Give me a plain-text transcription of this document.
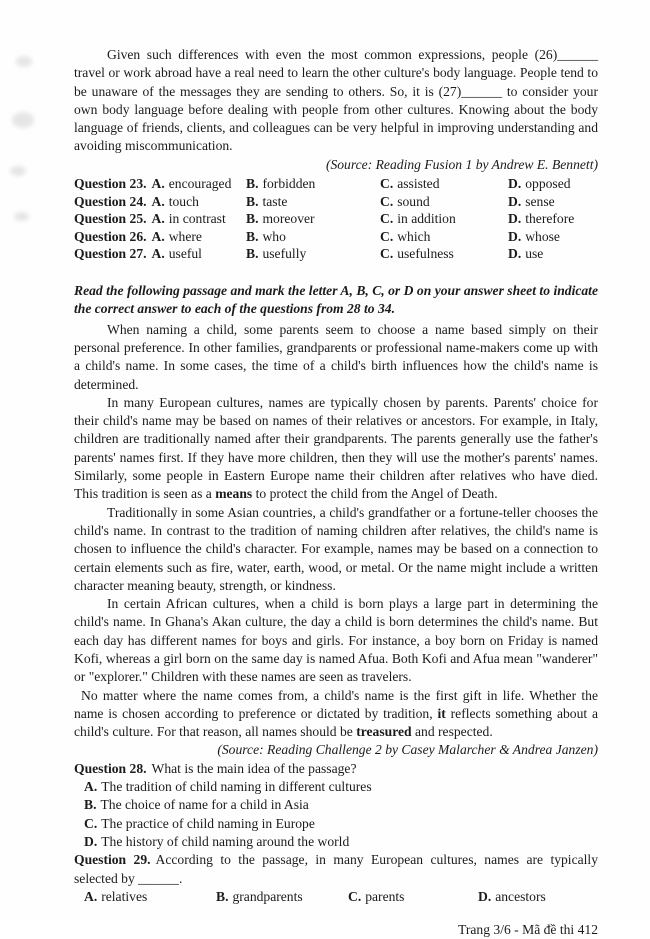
Given such differences with even the most common expressions, people (26)______ travel or work abroad have a real need to learn the other culture's body language. People tend to be unaware of the messages they are sending to others. So, it is (27)______ to consider your own body language before dealing with people from other cultures. Knowing about the body language of friends, clients, and colleagues can be very helpful in improving understanding and avoiding miscommunication.

(Source: Reading Fusion 1 by Andrew E. Bennett)

Question 23. A. encouraged	B. forbidden	C. assisted	D. opposed
Question 24. A. touch	B. taste	C. sound	D. sense
Question 25. A. in contrast	B. moreover	C. in addition	D. therefore
Question 26. A. where	B. who	C. which	D. whose
Question 27. A. useful	B. usefully	C. usefulness	D. use

Read the following passage and mark the letter A, B, C, or D on your answer sheet to indicate the correct answer to each of the questions from 28 to 34.

When naming a child, some parents seem to choose a name based simply on their personal preference. In other families, grandparents or professional name-makers come up with a child's name. In some cases, the time of a child's birth influences how the child's name is determined.

In many European cultures, names are typically chosen by parents. Parents' choice for their child's name may be based on names of their relatives or ancestors. For example, in Italy, children are traditionally named after their grandparents. The parents generally use the father's parents' names first. If they have more children, then they will use the mother's parents' names. Similarly, some people in Eastern Europe name their children after relatives who have died. This tradition is seen as a means to protect the child from the Angel of Death.

Traditionally in some Asian countries, a child's grandfather or a fortune-teller chooses the child's name. In contrast to the tradition of naming children after relatives, the child's name is chosen to influence the child's character. For example, names may be based on a connection to certain elements such as fire, water, earth, wood, or metal. Or the name might include a written character meaning beauty, strength, or kindness.

In certain African cultures, when a child is born plays a large part in determining the child's name. In Ghana's Akan culture, the day a child is born determines the child's name. But each day has different names for boys and girls. For instance, a boy born on Friday is named Kofi, whereas a girl born on the same day is named Afua. Both Kofi and Afua mean "wanderer" or "explorer." Children with these names are seen as travelers.

No matter where the name comes from, a child's name is the first gift in life. Whether the name is chosen according to preference or dictated by tradition, it reflects something about a child's culture. For that reason, all names should be treasured and respected.

(Source: Reading Challenge 2 by Casey Malarcher & Andrea Janzen)

Question 28. What is the main idea of the passage?

A. The tradition of child naming in different cultures
B. The choice of name for a child in Asia
C. The practice of child naming in Europe
D. The history of child naming around the world

Question 29. According to the passage, in many European cultures, names are typically selected by ______.

A. relatives	B. grandparents	C. parents	D. ancestors

Trang 3/6 - Mã đề thi 412
